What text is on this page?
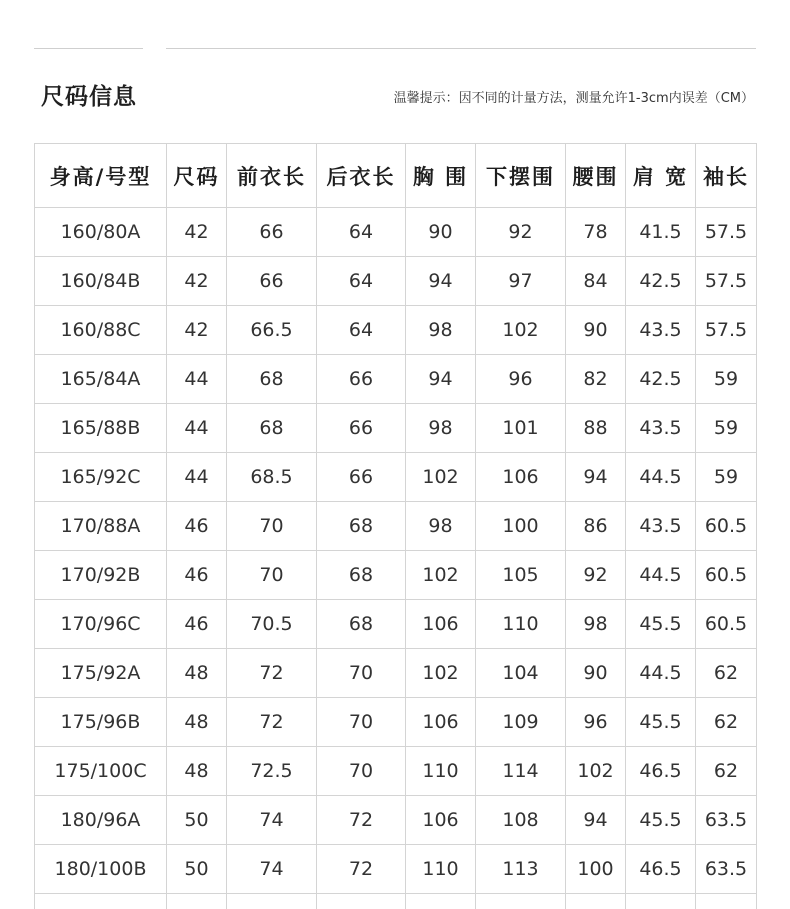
尺码信息	温馨提示：因不同的计量方法，测量允许1-3cm内误差（CM）
身高/号型	尺码	前衣长	后衣长	胸 围	下摆围	腰围	肩 宽	袖长
160/80A	42	66	64	90	92	78	41.5	57.5
160/84B	42	66	64	94	97	84	42.5	57.5
160/88C	42	66.5	64	98	102	90	43.5	57.5
165/84A	44	68	66	94	96	82	42.5	59
165/88B	44	68	66	98	101	88	43.5	59
165/92C	44	68.5	66	102	106	94	44.5	59
170/88A	46	70	68	98	100	86	43.5	60.5
170/92B	46	70	68	102	105	92	44.5	60.5
170/96C	46	70.5	68	106	110	98	45.5	60.5
175/92A	48	72	70	102	104	90	44.5	62
175/96B	48	72	70	106	109	96	45.5	62
175/100C	48	72.5	70	110	114	102	46.5	62
180/96A	50	74	72	106	108	94	45.5	63.5
180/100B	50	74	72	110	113	100	46.5	63.5
